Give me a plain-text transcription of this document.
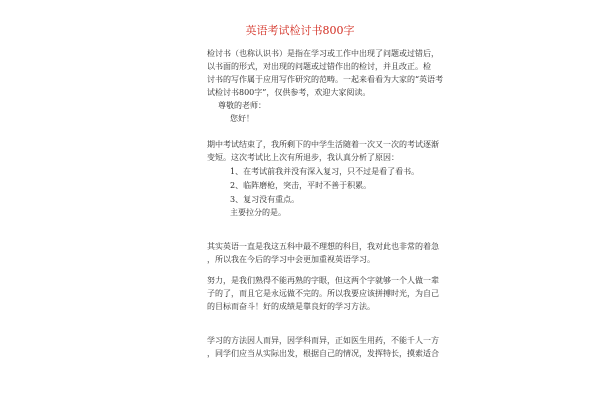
英语考试检讨书800字
检讨书（也称认识书）是指在学习或工作中出现了问题或过错后，
以书面的形式，对出现的问题或过错作出的检讨，并且改正。检
讨书的写作属于应用写作研究的范畴。一起来看看为大家的“英语考
试检讨书800字”，仅供参考，欢迎大家阅读。
尊敬的老师：
您好！
期中考试结束了，我所剩下的中学生活随着一次又一次的考试逐渐
变短。这次考试比上次有所退步，我认真分析了原因：
1、在考试前我并没有深入复习，只不过是看了看书。
2、临阵磨枪，突击，平时不善于积累。
3、复习没有重点。
主要拉分的是。
其实英语一直是我这五科中最不理想的科目，我对此也非常的着急
，所以我在今后的学习中会更加重视英语学习。
努力，是我们熟得不能再熟的字眼，但这两个字就够一个人做一辈
子的了，而且它是永远做不完的。所以我要应该拼搏时光，为自己
的目标而奋斗！好的成绩是靠良好的学习方法。
学习的方法因人而异，因学科而异，正如医生用药，不能千人一方
，同学们应当从实际出发，根据自己的情况，发挥特长，摸索适合
